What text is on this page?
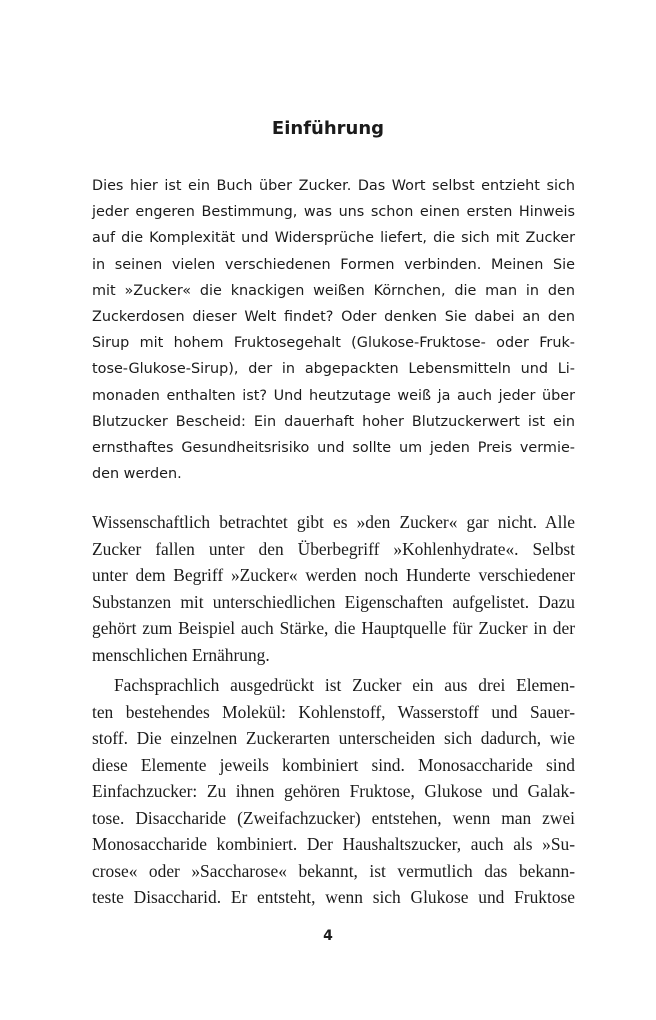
Einführung
Dies hier ist ein Buch über Zucker. Das Wort selbst entzieht sich
jeder engeren Bestimmung, was uns schon einen ersten Hinweis
auf die Komplexität und Widersprüche liefert, die sich mit Zucker
in seinen vielen verschiedenen Formen verbinden. Meinen Sie
mit »Zucker« die knackigen weißen Körnchen, die man in den
Zuckerdosen dieser Welt findet? Oder denken Sie dabei an den
Sirup mit hohem Fruktosegehalt (Glukose-Fruktose- oder Fruk-
tose-Glukose-Sirup), der in abgepackten Lebensmitteln und Li-
monaden enthalten ist? Und heutzutage weiß ja auch jeder über
Blutzucker Bescheid: Ein dauerhaft hoher Blutzuckerwert ist ein
ernsthaftes Gesundheitsrisiko und sollte um jeden Preis vermie-
den werden.
Wissenschaftlich betrachtet gibt es »den Zucker« gar nicht. Alle
Zucker fallen unter den Überbegriff »Kohlenhydrate«. Selbst
unter dem Begriff »Zucker« werden noch Hunderte verschiedener
Substanzen mit unterschiedlichen Eigenschaften aufgelistet. Dazu
gehört zum Beispiel auch Stärke, die Hauptquelle für Zucker in der
menschlichen Ernährung.
Fachsprachlich ausgedrückt ist Zucker ein aus drei Elemen-
ten bestehendes Molekül: Kohlenstoff, Wasserstoff und Sauer-
stoff. Die einzelnen Zuckerarten unterscheiden sich dadurch, wie
diese Elemente jeweils kombiniert sind. Monosaccharide sind
Einfachzucker: Zu ihnen gehören Fruktose, Glukose und Galak-
tose. Disaccharide (Zweifachzucker) entstehen, wenn man zwei
Monosaccharide kombiniert. Der Haushaltszucker, auch als »Su-
crose« oder »Saccharose« bekannt, ist vermutlich das bekann-
teste Disaccharid. Er entsteht, wenn sich Glukose und Fruktose
4
